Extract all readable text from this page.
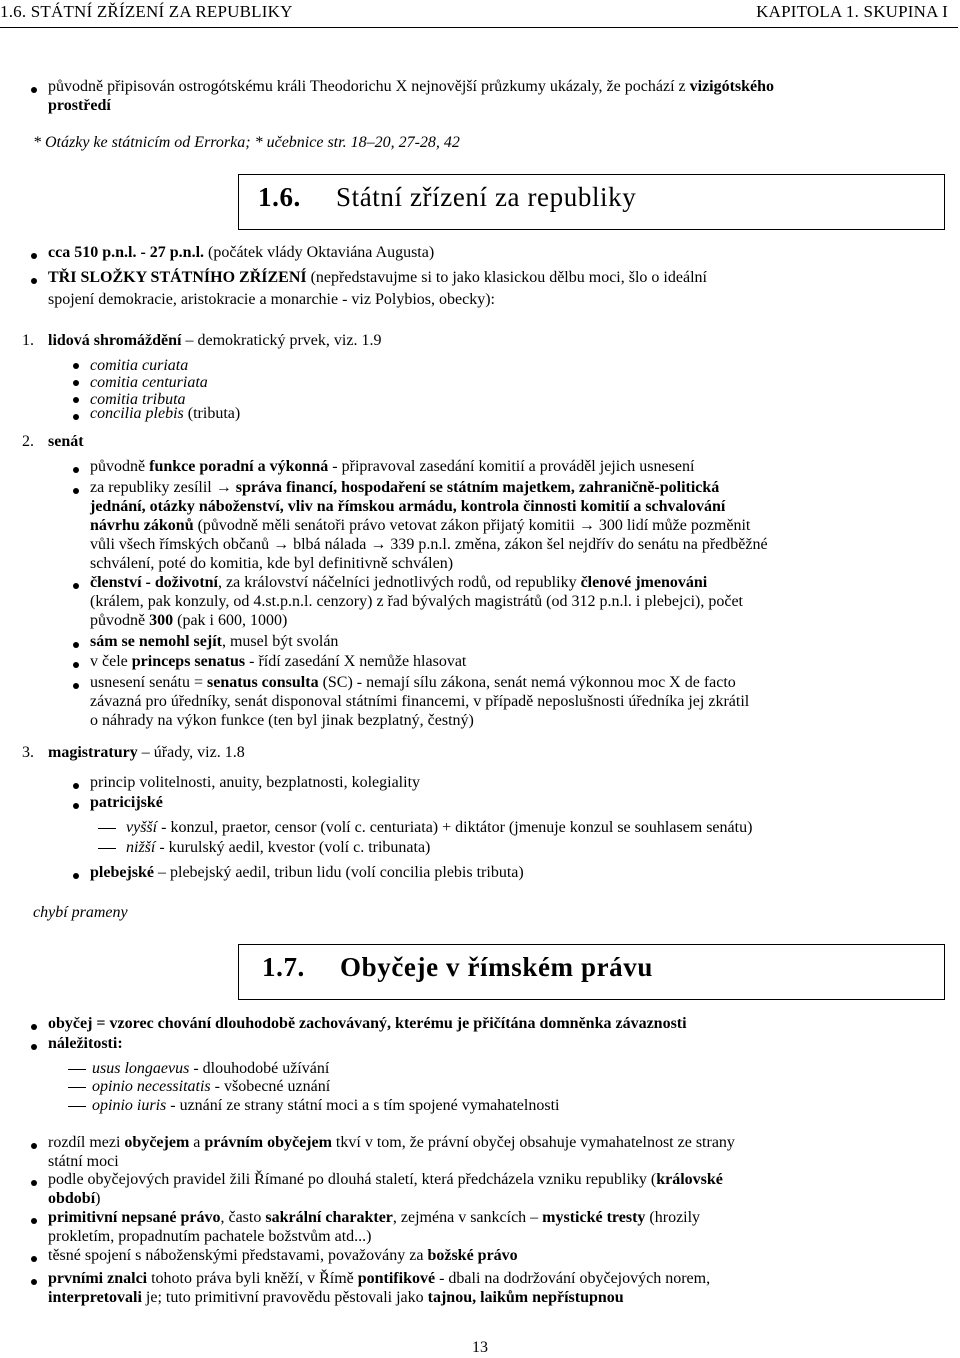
1.6. STÁTNÍ ZŘÍZENÍ ZA REPUBLIKY	KAPITOLA 1. SKUPINA I
původně připisován ostrogótskému králi Theodorichu X nejnovější průzkumy ukázaly, že pochází z vizigótského
prostředí
* Otázky ke státnicím od Errorka; * učebnice str. 18–20, 27-28, 42
1.6. Státní zřízení za republiky
cca 510 p.n.l. - 27 p.n.l. (počátek vlády Oktaviána Augusta)
TŘI SLOŽKY STÁTNÍHO ZŘÍZENÍ (nepředstavujme si to jako klasickou dělbu moci, šlo o ideální
spojení demokracie, aristokracie a monarchie - viz Polybios, obecky):
1. lidová shromáždění – demokratický prvek, viz. 1.9
comitia curiata
comitia centuriata
comitia tributa
concilia plebis (tributa)
2. senát
původně funkce poradní a výkonná - připravoval zasedání komitií a prováděl jejich usnesení
za republiky zesílil → správa financí, hospodaření se státním majetkem, zahraničně-politická
jednání, otázky náboženství, vliv na římskou armádu, kontrola činnosti komitií a schvalování
návrhu zákonů (původně měli senátoři právo vetovat zákon přijatý komitii → 300 lidí může pozměnit
vůli všech římských občanů → blbá nálada → 339 p.n.l. změna, zákon šel nejdřív do senátu na předběžné
schválení, poté do komitia, kde byl definitivně schválen)
členství - doživotní, za království náčelníci jednotlivých rodů, od republiky členové jmenováni
(králem, pak konzuly, od 4.st.p.n.l. cenzory) z řad bývalých magistrátů (od 312 p.n.l. i plebejci), počet
původně 300 (pak i 600, 1000)
sám se nemohl sejít, musel být svolán
v čele princeps senatus - řídí zasedání X nemůže hlasovat
usnesení senátu = senatus consulta (SC) - nemají sílu zákona, senát nemá výkonnou moc X de facto
závazná pro úředníky, senát disponoval státními financemi, v případě neposlušnosti úředníka jej zkrátil
o náhrady na výkon funkce (ten byl jinak bezplatný, čestný)
3. magistratury – úřady, viz. 1.8
princip volitelnosti, anuity, bezplatnosti, kolegiality
patricijské
vyšší - konzul, praetor, censor (volí c. centuriata) + diktátor (jmenuje konzul se souhlasem senátu)
nižší - kurulský aedil, kvestor (volí c. tribunata)
plebejské – plebejský aedil, tribun lidu (volí concilia plebis tributa)
chybí prameny
1.7. Obyčeje v římském právu
obyčej = vzorec chování dlouhodobě zachovávaný, kterému je přičítána domněnka závaznosti
náležitosti:
usus longaevus - dlouhodobé užívání
opinio necessitatis - všobecné uznání
opinio iuris - uznání ze strany státní moci a s tím spojené vymahatelnosti
rozdíl mezi obyčejem a právním obyčejem tkví v tom, že právní obyčej obsahuje vymahatelnost ze strany
státní moci
podle obyčejových pravidel žili Římané po dlouhá staletí, která předcházela vzniku republiky (královské
období)
primitivní nepsané právo, často sakrální charakter, zejména v sankcích – mystické tresty (hrozily
prokletím, propadnutím pachatele božstvům atd...)
těsné spojení s náboženskými představami, považovány za božské právo
prvními znalci tohoto práva byli kněží, v Římě pontifikové - dbali na dodržování obyčejových norem,
interpretovali je; tuto primitivní pravovědu pěstovali jako tajnou, laikům nepřístupnou
13
